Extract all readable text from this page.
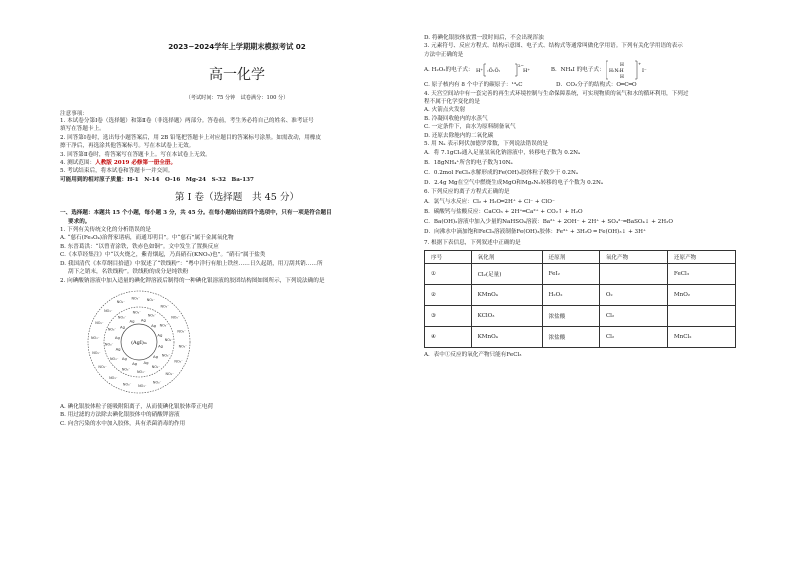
2023−2024学年上学期期末模拟考试 02
高一化学
（考试时间：75 分钟　试卷满分：100 分）
注意事项：
1. 本试卷分第Ⅰ卷（选择题）和第Ⅱ卷（非选择题）两部分。答卷前，考生务必将自己的姓名、准考证号
填写在答题卡上。
2. 回答第Ⅰ卷时，选出每小题答案后，用 2B 铅笔把答题卡上对应题目的答案标号涂黑。如需改动，用橡皮
擦干净后，再选涂其他答案标号。写在本试卷上无效。
3. 回答第Ⅱ卷时，将答案写在答题卡上。写在本试卷上无效。
4. 测试范围：人教版 2019 必修第一册全册。
5. 考试结束后，将本试卷和答题卡一并交回。
可能用到的相对原子质量：H-1　N-14　O-16　Mg-24　S-32　Ba-137
第 Ⅰ 卷（选择题　共 45 分）
一、选择题：本题共 15 个小题，每小题 3 分，共 45 分。在每小题给出的四个选项中，只有一项是符合题目
要求的。
1. 下列有关传统文化的分析错误的是
A. “慈石(Fe₃O₄)治肾家诸病，而通耳明目”。中“慈石”属于金属氧化物
B. 东晋葛洪：“以曾青涂铁，铁赤色如铜”。文中发生了置换反应
C.《本草经集注》中“以火烧之，紫青烟起，乃真硝石(KNO₃)也”。“硝石”属于盐类
D. 我国清代《本草纲目拾遗》中叙述了“铁线粉”：“粤中洋行有舶上铁丝……日久起销，用刀刮其销……所
刮下之销末，名铁线粉”。铁线粉的成分是纯铁粉
2. 向碘酸钠溶液中加入适量的碘化钾溶液后制得的一种碘化银溶液的胶团结构图如图所示，下列说法确的是
(AgI)ₘ
Ag
Ag
Ag
Ag
Ag
Ag
Ag
Ag
Ag Ag
Ag
Ag
NO₃⁻
NO₃⁻
NO₃⁻
NO₃⁻
NO₃⁻
NO₃⁻
NO₃⁻
NO₃⁻
NO₃⁻
NO₃⁻
NO₃⁻
NO₃⁻
NO₃⁻
NO₃⁻
NO₃⁻
NO₃⁻
NO₃⁻
NO₃⁻
NO₃⁻
NO₃⁻
NO₃⁻
NO₃⁻
NO₃⁻
NO₃⁻
NO₃⁻
NO₃⁻ NO₃⁻
NO₃⁻
NO₃⁻
NO₃⁻
A. 碘化银胶体粒子能吸附阳离子，从而使碘化银胶体带正电荷
B. 用过滤的方法除去碘化银胶体中的硝酸钾溶液
C. 向含污染的水中加入胶体，具有杀菌消毒的作用
D. 将碘化银胶体放置一段时间后，不会出现浑浊
3. 元素符号、反应方程式、结构示意图、电子式、结构式等通常叫做化学用语。下列有关化学用语的表示
方法中正确的是
A. H₂O₂的电子式： H⁺ :Ö:Ö:
2−
H⁺	B．NH₄I 的电子式：
H
H:N:H
H
+
I⁻
C. 原子核内有 8 个中子的碳原子：¹⁴₆C	D．CO₂分子的结构式：O═C═O
4. 天宫空间站中有一套完善的再生式环境控制与生命保障系统，可实现物质的氧气和水的循环利用，下列过
程不属于化学变化的是
A. 火箭点火发射
B. 冷凝回收舱内的水蒸气
C. 一定条件下，由水为原料制备氧气
D. 还原去除舱内的二氧化碳
5. 用 Nₐ 表示阿伏加德罗常数，下列说法错误的是
A．将 7.1gCl₂通入足量氢氧化钠溶液中，转移电子数为 0.2Nₐ
B．18gNH₄⁺所含的电子数为10Nₐ
C．0.2mol FeCl₃水解形成的Fe(OH)₃胶体粒子数少于 0.2Nₐ
D．2.4g Mg在空气中燃烧生成MgO和Mg₃N₂转移的电子个数为 0.2Nₐ
6. 下列反应的离子方程式正确的是
A．氯气与水反应：Cl₂ + H₂O═2H⁺ + Cl⁻ + ClO⁻
B．碳酸钙与盐酸反应：CaCO₃ + 2H⁺═Ca²⁺ + CO₂↑ + H₂O
C．Ba(OH)₂溶液中加入少量的NaHSO₄溶液：Ba²⁺ + 2OH⁻ + 2H⁺ + SO₄²⁻═BaSO₄↓ + 2H₂O
D．向沸水中滴加饱和FeCl₃溶液制备Fe(OH)₃胶体：Fe³⁺ + 3H₂O ═ Fe(OH)₃↓ + 3H⁺
7. 根据下表信息，下列叙述中正确的是
序号	氧化剂	还原剂	氧化产物	还原产物
①	Cl₂(足量)	FeI₂		FeCl₃
②	KMnO₄	H₂O₂	O₂	MnO₂
③	KClO₃	浓盐酸	Cl₂	
④	KMnO₄	浓盐酸	Cl₂	MnCl₂
A．表中①反应的氧化产物只能有FeCl₃
